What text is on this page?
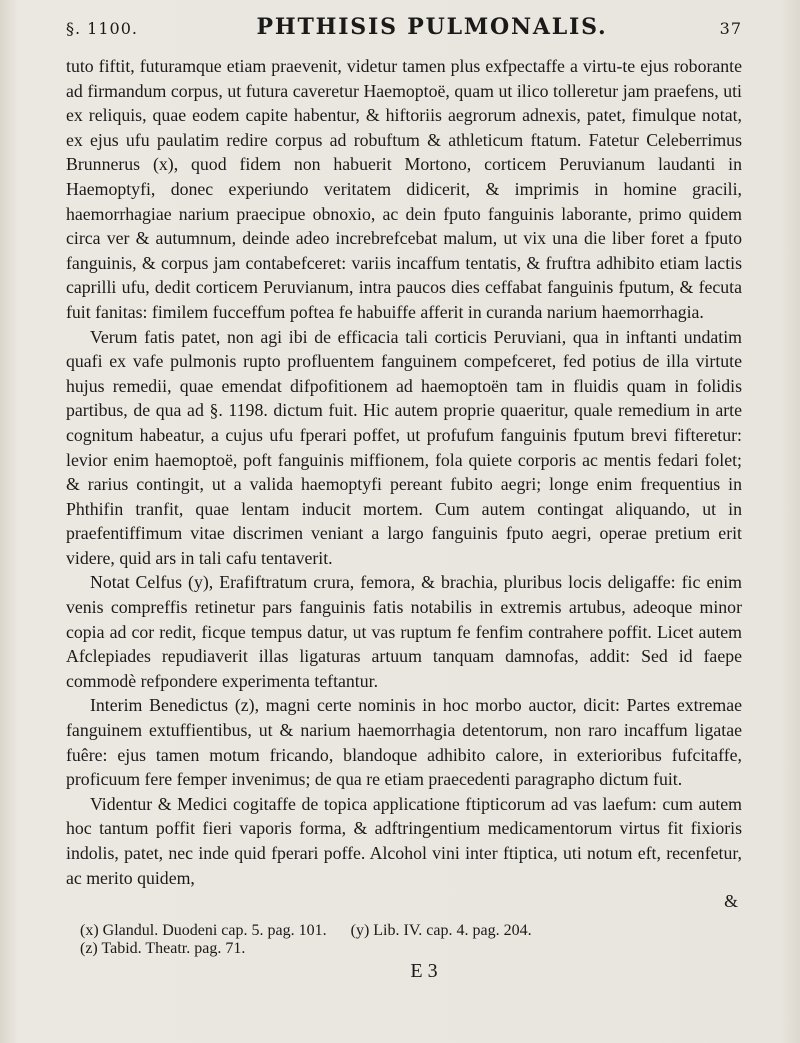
§. 1100.	PHTHISIS PULMONALIS.	37

tuto fiftit, futuramque etiam praevenit, videtur tamen plus exfpectaffe a virtu-te ejus roborante ad firmandum corpus, ut futura caveretur Haemoptoë, quam ut ilico tolleretur jam praefens, uti ex reliquis, quae eodem capite habentur, & hiftoriis aegrorum adnexis, patet, fimulque notat, ex ejus ufu paulatim redire corpus ad robuftum & athleticum ftatum. Fatetur Celeberrimus Brunnerus (x), quod fidem non habuerit Mortono, corticem Peruvianum laudanti in Haemoptyfi, donec experiundo veritatem didicerit, & imprimis in homine gracili, haemorrhagiae narium praecipue obnoxio, ac dein fputo fanguinis laborante, primo quidem circa ver & autumnum, deinde adeo increbrefcebat malum, ut vix una die liber foret a fputo fanguinis, & corpus jam contabefceret: variis incaffum tentatis, & fruftra adhibito etiam lactis caprilli ufu, dedit corticem Peruvianum, intra paucos dies ceffabat fanguinis fputum, & fecuta fuit fanitas: fimilem fucceffum poftea fe habuiffe afferit in curanda narium haemorrhagia.

Verum fatis patet, non agi ibi de efficacia tali corticis Peruviani, qua in inftanti undatim quafi ex vafe pulmonis rupto profluentem fanguinem compefceret, fed potius de illa virtute hujus remedii, quae emendat difpofitionem ad haemoptoën tam in fluidis quam in folidis partibus, de qua ad §. 1198. dictum fuit. Hic autem proprie quaeritur, quale remedium in arte cognitum habeatur, a cujus ufu fperari poffet, ut profufum fanguinis fputum brevi fifteretur: levior enim haemoptoë, poft fanguinis miffionem, fola quiete corporis ac mentis fedari folet; & rarius contingit, ut a valida haemoptyfi pereant fubito aegri; longe enim frequentius in Phthifin tranfit, quae lentam inducit mortem. Cum autem contingat aliquando, ut in praefentiffimum vitae discrimen veniant a largo fanguinis fputo aegri, operae pretium erit videre, quid ars in tali cafu tentaverit.

Notat Celfus (y), Erafiftratum crura, femora, & brachia, pluribus locis deligaffe: fic enim venis compreffis retinetur pars fanguinis fatis notabilis in extremis artubus, adeoque minor copia ad cor redit, ficque tempus datur, ut vas ruptum fe fenfim contrahere poffit. Licet autem Afclepiades repudiaverit illas ligaturas artuum tanquam damnofas, addit: Sed id faepe commodè refpondere experimenta teftantur.

Interim Benedictus (z), magni certe nominis in hoc morbo auctor, dicit: Partes extremae fanguinem extuffientibus, ut & narium haemorrhagia detentorum, non raro incaffum ligatae fuêre: ejus tamen motum fricando, blandoque adhibito calore, in exterioribus fufcitaffe, proficuum fere femper invenimus; de qua re etiam praecedenti paragrapho dictum fuit.

Videntur & Medici cogitaffe de topica applicatione ftipticorum ad vas laefum: cum autem hoc tantum poffit fieri vaporis forma, & adftringentium medicamentorum virtus fit fixioris indolis, patet, nec inde quid fperari poffe. Alcohol vini inter ftiptica, uti notum eft, recenfetur, ac merito quidem,

&
(x) Glandul. Duodeni cap. 5. pag. 101.      (y) Lib. IV. cap. 4. pag. 204.
(z) Tabid. Theatr. pag. 71.
E 3
